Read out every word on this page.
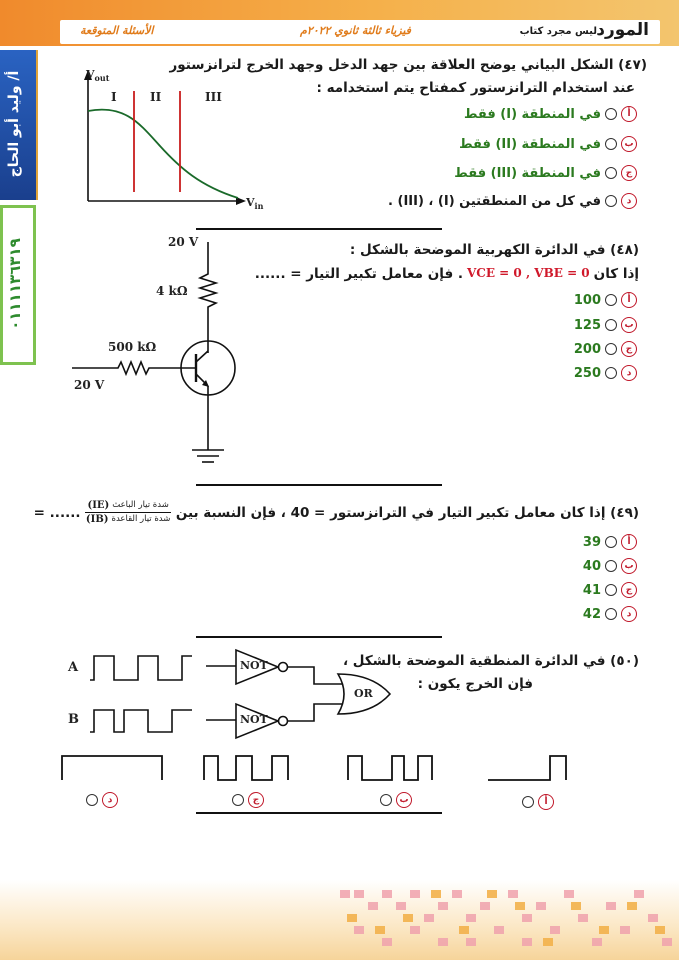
المورد
ليس مجرد كتاب
فيزياء ثالثة ثانوي ٢٠٢٢م
الأسئلة المتوقعة
أ/ وليد أبو الحاج
٠١١١١٣٦٣١٩
(٤٧) الشكل البياني يوضح العلاقة بين جهد الدخل وجهد الخرج لترانزستور
عند استخدام الترانزستور كمفتاح يتم استخدامه :
$V_{out}$
$V_{in}$
I	II	III
أ
في المنطقة (I) فقط
ب
في المنطقة (II) فقط
ج
في المنطقة (III) فقط
د
في كل من المنطقتين (I) ، (III) .
(٤٨) في الدائرة الكهربية الموضحة بالشكل :
إذا كان
VCE = 0 , VBE = 0
. فإن معامل تكبير التيار = ......
20 V
4 kΩ
500 kΩ
20 V
100	أ
125	ب
200	ج
250	د
(٤٩) إذا كان معامل تكبير التيار في الترانزستور = 40 ، فإن النسبة بين
شدة تيار الباعث
(IE)
شدة تيار القاعدة
(IB)
= ......
39	أ
40	ب
41	ج
42	د
(٥٠) في الدائرة المنطقية الموضحة بالشكل ،
فإن الخرج يكون :
A
B
NOT
NOT
OR
د	ج	ب	أ
